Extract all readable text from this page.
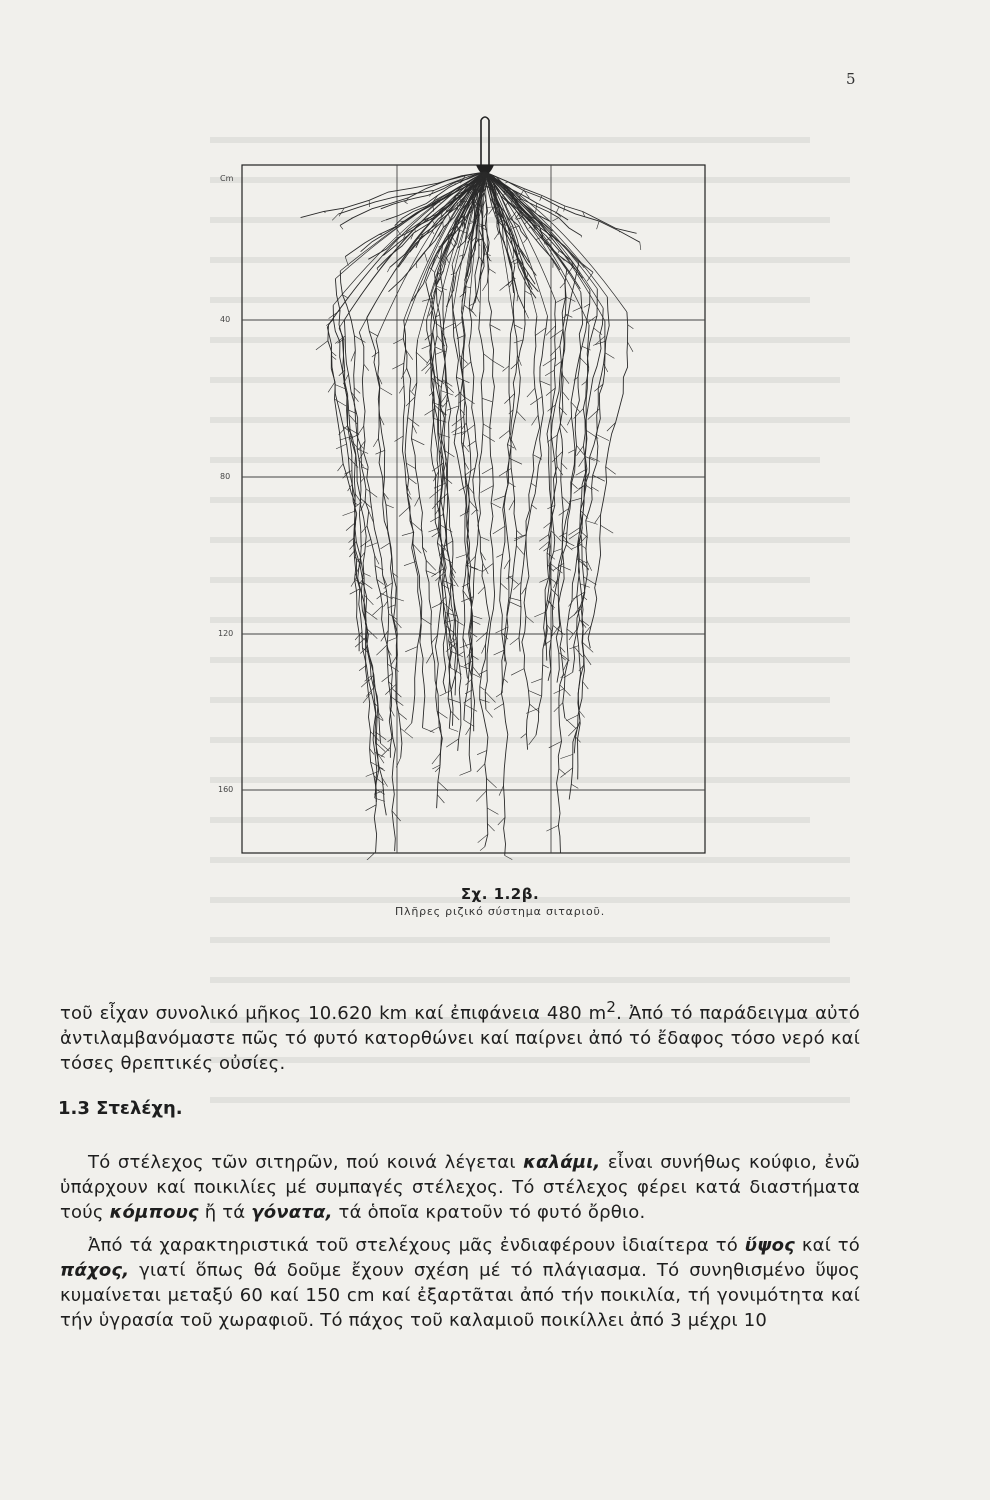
5
Cm
40
80
120
160
Σχ. 1.2β.
Πλῆρες ριζικό σύστημα σιταριοῦ.

τοῦ εἶχαν συνολικό μῆκος 10.620 km καί ἐπιφάνεια 480 $m^2$. Ἀπό τό παράδειγμα αὐτό ἀντιλαμβανόμαστε πῶς τό φυτό κατορθώνει καί παίρνει ἀπό τό ἔδαφος τόσο νερό καί τόσες θρεπτικές οὐσίες.

1.3 Στελέχη.

Τό στέλεχος τῶν σιτηρῶν, πού κοινά λέγεται καλάμι, εἶναι συνήθως κούφιο, ἐνῶ ὑπάρχουν καί ποικιλίες μέ συμπαγές στέλεχος. Τό στέλεχος φέρει κατά διαστήματα τούς κόμπους ἤ τά γόνατα, τά ὁποῖα κρατοῦν τό φυτό ὄρθιο.

Ἀπό τά χαρακτηριστικά τοῦ στελέχους μᾶς ἐνδιαφέρουν ἰδιαίτερα τό ὕψος καί τό πάχος, γιατί ὅπως θά δοῦμε ἔχουν σχέση μέ τό πλάγιασμα. Τό συνηθισμένο ὕψος κυμαίνεται μεταξύ 60 καί 150 cm καί ἐξαρτᾶται ἀπό τήν ποικιλία, τή γονιμότητα καί τήν ὑγρασία τοῦ χωραφιοῦ. Τό πάχος τοῦ καλαμιοῦ ποικίλλει ἀπό 3 μέχρι 10
